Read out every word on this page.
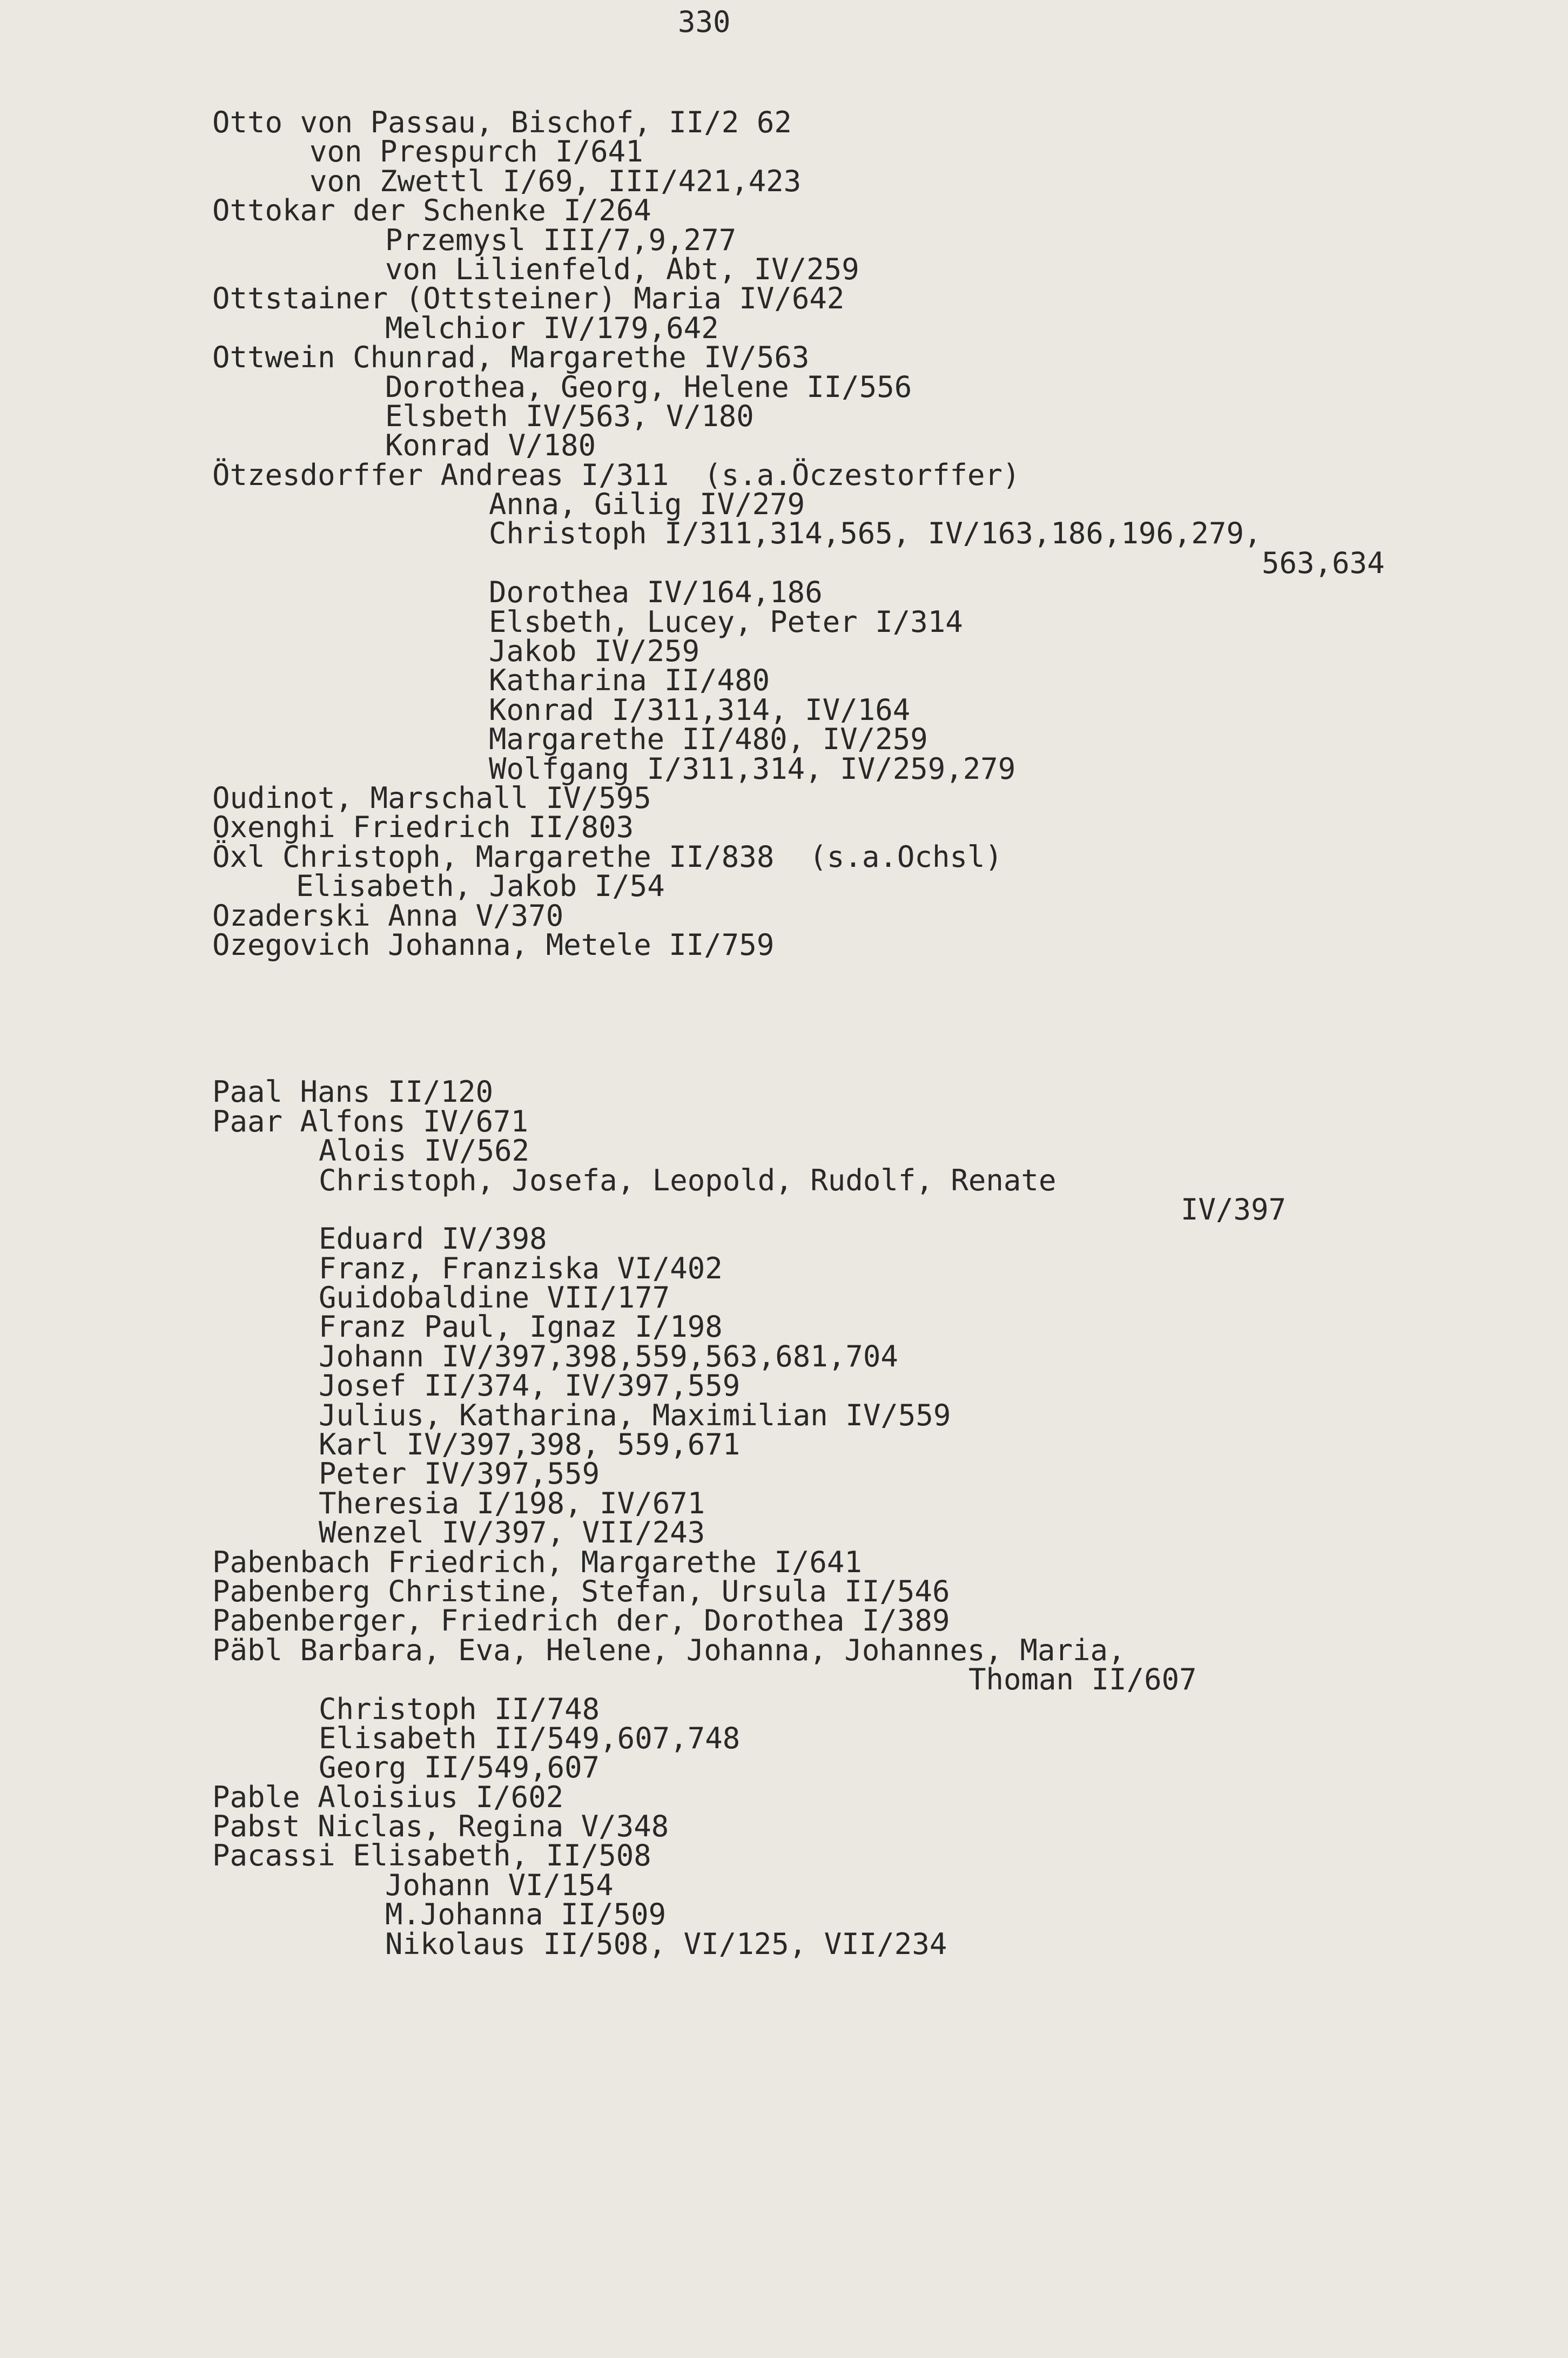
330
Otto von Passau, Bischof, II/2 62
von Prespurch I/641
von Zwettl I/69, III/421,423
Ottokar der Schenke I/264
Przemysl III/7,9,277
von Lilienfeld, Abt, IV/259
Ottstainer (Ottsteiner) Maria IV/642
Melchior IV/179,642
Ottwein Chunrad, Margarethe IV/563
Dorothea, Georg, Helene II/556
Elsbeth IV/563, V/180
Konrad V/180
Ötzesdorffer Andreas I/311  (s.a.Öczestorffer)
Anna, Gilig IV/279
Christoph I/311,314,565, IV/163,186,196,279,
563,634
Dorothea IV/164,186
Elsbeth, Lucey, Peter I/314
Jakob IV/259
Katharina II/480
Konrad I/311,314, IV/164
Margarethe II/480, IV/259
Wolfgang I/311,314, IV/259,279
Oudinot, Marschall IV/595
Oxenghi Friedrich II/803
Öxl Christoph, Margarethe II/838  (s.a.Ochsl)
Elisabeth, Jakob I/54
Ozaderski Anna V/370
Ozegovich Johanna, Metele II/759
Paal Hans II/120
Paar Alfons IV/671
Alois IV/562
Christoph, Josefa, Leopold, Rudolf, Renate
IV/397
Eduard IV/398
Franz, Franziska VI/402
Guidobaldine VII/177
Franz Paul, Ignaz I/198
Johann IV/397,398,559,563,681,704
Josef II/374, IV/397,559
Julius, Katharina, Maximilian IV/559
Karl IV/397,398, 559,671
Peter IV/397,559
Theresia I/198, IV/671
Wenzel IV/397, VII/243
Pabenbach Friedrich, Margarethe I/641
Pabenberg Christine, Stefan, Ursula II/546
Pabenberger, Friedrich der, Dorothea I/389
Päbl Barbara, Eva, Helene, Johanna, Johannes, Maria,
Thoman II/607
Christoph II/748
Elisabeth II/549,607,748
Georg II/549,607
Pable Aloisius I/602
Pabst Niclas, Regina V/348
Pacassi Elisabeth, II/508
Johann VI/154
M.Johanna II/509
Nikolaus II/508, VI/125, VII/234
